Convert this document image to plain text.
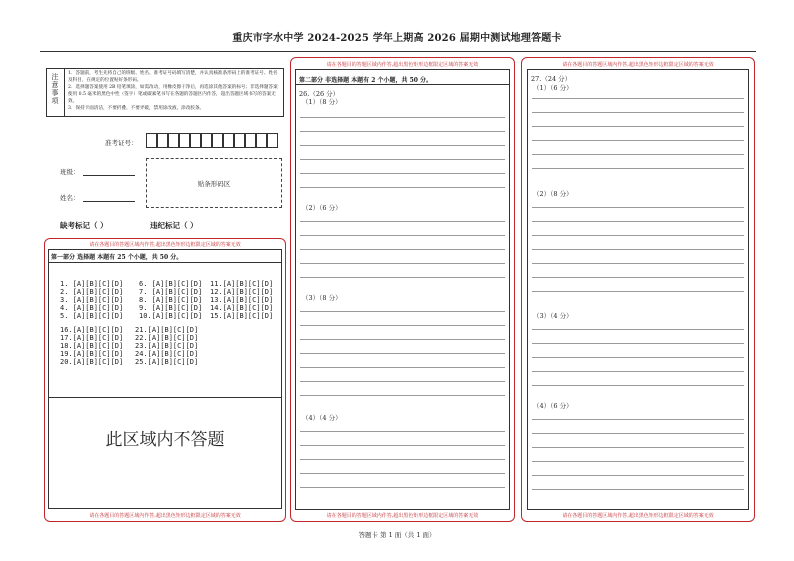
重庆市字水中学 2024-2025 学年上期高 2026 届期中测试地理答题卡
注意事项
1．答题前，考生先将自己的班级、姓名、准考证号码填写清楚，并认真核准条形码上的准考证号、姓名及科目，在规定的位置贴好条形码。
2．选择题答案使用 2B 铅笔填涂，如需改动，用橡皮擦干净后，再选涂其他答案的标号；非选择题答案使用 0.5 毫米的黑色中性（签字）笔或碳素笔书写在各题的答题区内作答，超出答题区域书写的答案无效。
3．保持卡面清洁，不要折叠、不要弄破，禁用涂改液、涂改胶条。
准考证号：
班级：
姓名：
贴条形码区
缺考标记（ ）	违纪标记（ ）
请在各题目的答题区域内作答,超出黑色矩形边框限定区域的答案无效
第一部分 选择题 本题有 25 个小题，共 50 分。
1. [A][B][C][D]
2. [A][B][C][D]
3. [A][B][C][D]
4. [A][B][C][D]
5. [A][B][C][D]
6. [A][B][C][D]
7. [A][B][C][D]
8. [A][B][C][D]
9. [A][B][C][D]
10.[A][B][C][D]
11.[A][B][C][D]
12.[A][B][C][D]
13.[A][B][C][D]
14.[A][B][C][D]
15.[A][B][C][D]
16.[A][B][C][D]
17.[A][B][C][D]
18.[A][B][C][D]
19.[A][B][C][D]
20.[A][B][C][D]
21.[A][B][C][D]
22.[A][B][C][D]
23.[A][B][C][D]
24.[A][B][C][D]
25.[A][B][C][D]
此区域内不答题
请在各题目的答题区域内作答,超出黑色矩形边框限定区域的答案无效
请在各题目的答题区域内作答,超出黑色矩形边框限定区域的答案无效
第二部分 非选择题 本题有 2 个小题，共 50 分。
26.（26 分）
（1）（8 分）
（2）（6 分）
（3）（8 分）
（4）（4 分）
请在各题目的答题区域内作答,超出黑色矩形边框限定区域的答案无效
请在各题目的答题区域内作答,超出黑色矩形边框限定区域的答案无效
27.（24 分）
（1）（6 分）
（2）（8 分）
（3）（4 分）
（4）（6 分）
请在各题目的答题区域内作答,超出黑色矩形边框限定区域的答案无效
答题卡 第 1 面（共 1 面）
